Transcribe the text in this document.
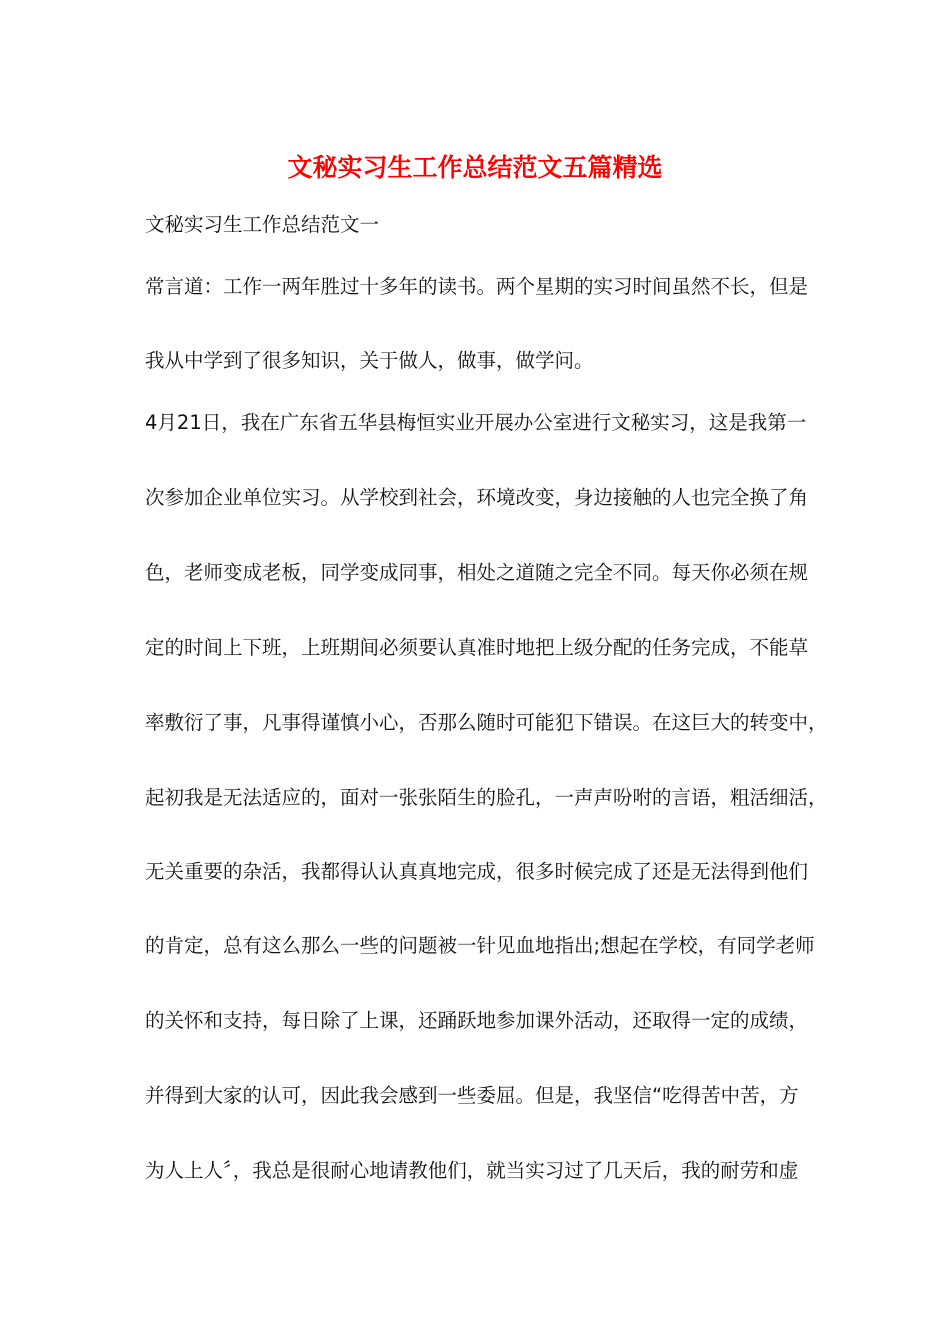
文秘实习生工作总结范文五篇精选
文秘实习生工作总结范文一
常言道：工作一两年胜过十多年的读书。两个星期的实习时间虽然不长，但是
我从中学到了很多知识，关于做人，做事，做学问。
4月21日，我在广东省五华县梅恒实业开展办公室进行文秘实习，这是我第一
次参加企业单位实习。从学校到社会，环境改变，身边接触的人也完全换了角
色，老师变成老板，同学变成同事，相处之道随之完全不同。每天你必须在规
定的时间上下班，上班期间必须要认真准时地把上级分配的任务完成，不能草
率敷衍了事，凡事得谨慎小心，否那么随时可能犯下错误。在这巨大的转变中，
起初我是无法适应的，面对一张张陌生的脸孔，一声声吩咐的言语，粗活细活，
无关重要的杂活，我都得认认真真地完成，很多时候完成了还是无法得到他们
的肯定，总有这么那么一些的问题被一针见血地指出;想起在学校，有同学老师
的关怀和支持，每日除了上课，还踊跃地参加课外活动，还取得一定的成绩，
并得到大家的认可，因此我会感到一些委屈。但是，我坚信“吃得苦中苦，方
为人上人〞，我总是很耐心地请教他们，就当实习过了几天后，我的耐劳和虚
